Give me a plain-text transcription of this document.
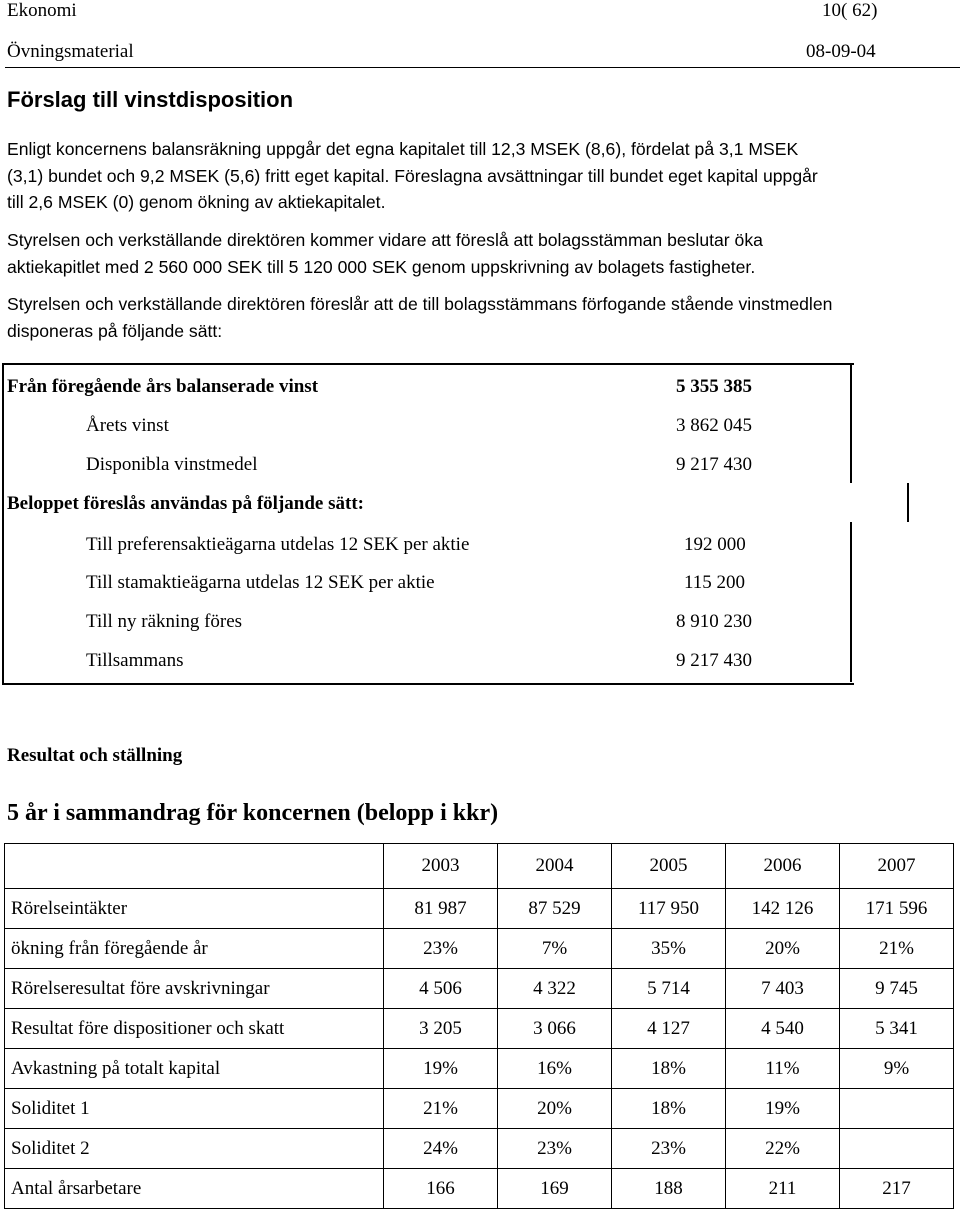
Ekonomi	10( 62)
Övningsmaterial	08-09-04
Förslag till vinstdisposition

Enligt koncernens balansräkning uppgår det egna kapitalet till 12,3 MSEK (8,6), fördelat på 3,1 MSEK

(3,1) bundet och 9,2 MSEK (5,6) fritt eget kapital. Föreslagna avsättningar till bundet eget kapital uppgår

till 2,6 MSEK (0) genom ökning av aktiekapitalet.

Styrelsen och verkställande direktören kommer vidare att föreslå att bolagsstämman beslutar öka

aktiekapitlet med 2 560 000 SEK till 5 120 000 SEK genom uppskrivning av bolagets fastigheter.

Styrelsen och verkställande direktören föreslår att de till bolagsstämmans förfogande stående vinstmedlen

disponeras på följande sätt:

Från föregående års balanserade vinst	5 355 385
Årets vinst	3 862 045
Disponibla vinstmedel	9 217 430
Beloppet föreslås användas på följande sätt:
Till preferensaktieägarna utdelas 12 SEK per aktie	192 000
Till stamaktieägarna utdelas 12 SEK per aktie	115 200
Till ny räkning föres	8 910 230
Tillsammans	9 217 430
Resultat och ställning
5 år i sammandrag för koncernen (belopp i kkr)
	2003	2004	2005	2006	2007
Rörelseintäkter	81 987	87 529	117 950	142 126	171 596
ökning från föregående år	23%	7%	35%	20%	21%
Rörelseresultat före avskrivningar	4 506	4 322	5 714	7 403	9 745
Resultat före dispositioner och skatt	3 205	3 066	4 127	4 540	5 341
Avkastning på totalt kapital	19%	16%	18%	11%	9%
Soliditet 1	21%	20%	18%	19%	
Soliditet 2	24%	23%	23%	22%	
Antal årsarbetare	166	169	188	211	217
